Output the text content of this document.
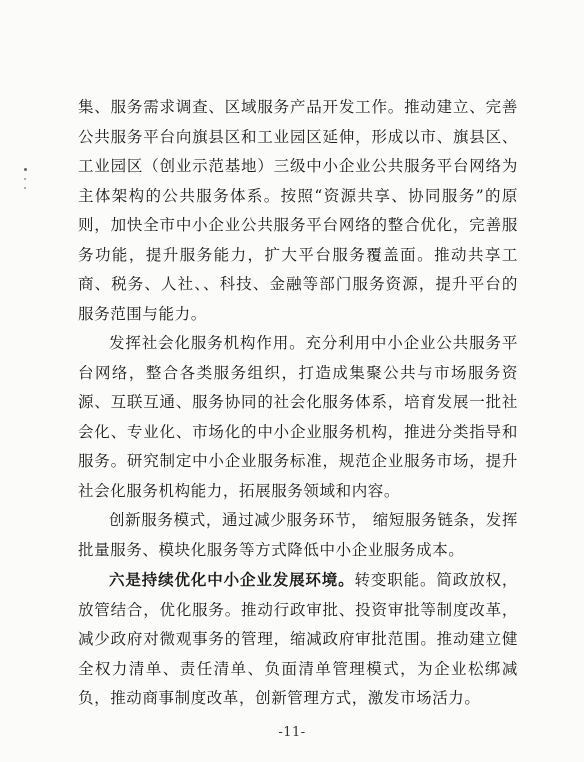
集、服务需求调查、区域服务产品开发工作。推动建立、完善公共服务平台向旗县区和工业园区延伸，形成以市、旗县区、工业园区（创业示范基地）三级中小企业公共服务平台网络为主体架构的公共服务体系。按照“资源共享、协同服务”的原则，加快全市中小企业公共服务平台网络的整合优化，完善服务功能，提升服务能力，扩大平台服务覆盖面。推动共享工商、税务、人社、、科技、金融等部门服务资源，提升平台的服务范围与能力。

发挥社会化服务机构作用。充分利用中小企业公共服务平台网络，整合各类服务组织，打造成集聚公共与市场服务资源、互联互通、服务协同的社会化服务体系，培育发展一批社会化、专业化、市场化的中小企业服务机构，推进分类指导和服务。研究制定中小企业服务标准，规范企业服务市场，提升社会化服务机构能力，拓展服务领域和内容。

创新服务模式，通过减少服务环节， 缩短服务链条，发挥批量服务、模块化服务等方式降低中小企业服务成本。

六是持续优化中小企业发展环境。转变职能。简政放权，放管结合，优化服务。推动行政审批、投资审批等制度改革，减少政府对微观事务的管理，缩减政府审批范围。推动建立健全权力清单、责任清单、负面清单管理模式，为企业松绑减负，推动商事制度改革，创新管理方式，激发市场活力。

-11-
